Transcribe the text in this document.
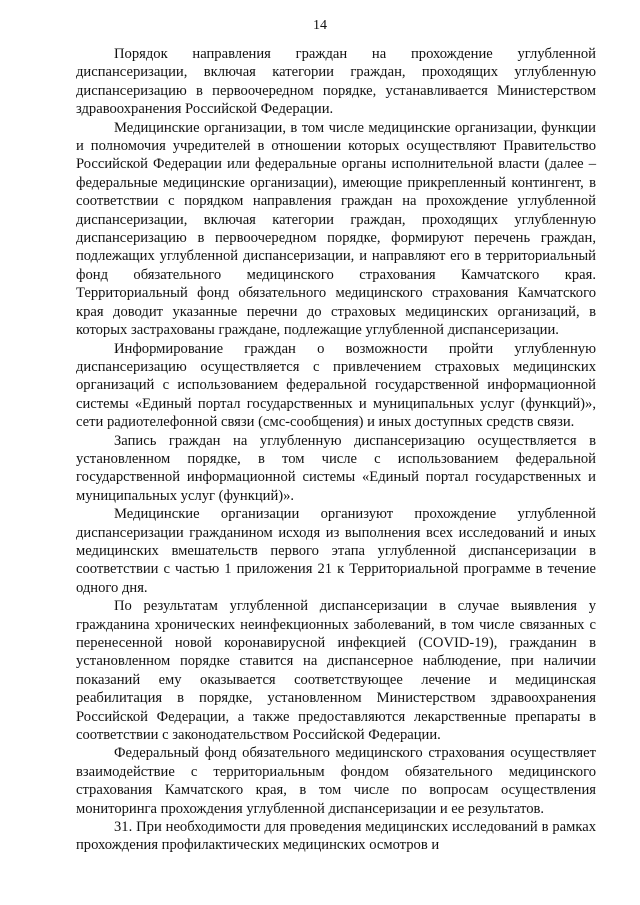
14

Порядок направления граждан на прохождение углубленной диспансеризации, включая категории граждан, проходящих углубленную диспансеризацию в первоочередном порядке, устанавливается Министерством здравоохранения Российской Федерации.

Медицинские организации, в том числе медицинские организации, функции и полномочия учредителей в отношении которых осуществляют Правительство Российской Федерации или федеральные органы исполнительной власти (далее – федеральные медицинские организации), имеющие прикрепленный контингент, в соответствии с порядком направления граждан на прохождение углубленной диспансеризации, включая категории граждан, проходящих углубленную диспансеризацию в первоочередном порядке, формируют перечень граждан, подлежащих углубленной диспансеризации, и направляют его в территориальный фонд обязательного медицинского страхования Камчатского края. Территориальный фонд обязательного медицинского страхования Камчатского края доводит указанные перечни до страховых медицинских организаций, в которых застрахованы граждане, подлежащие углубленной диспансеризации.

Информирование граждан о возможности пройти углубленную диспансеризацию осуществляется с привлечением страховых медицинских организаций с использованием федеральной государственной информационной системы «Единый портал государственных и муниципальных услуг (функций)», сети радиотелефонной связи (смс-сообщения) и иных доступных средств связи.

Запись граждан на углубленную диспансеризацию осуществляется в установленном порядке, в том числе с использованием федеральной государственной информационной системы «Единый портал государственных и муниципальных услуг (функций)».

Медицинские организации организуют прохождение углубленной диспансеризации гражданином исходя из выполнения всех исследований и иных медицинских вмешательств первого этапа углубленной диспансеризации в соответствии с частью 1 приложения 21 к Территориальной программе в течение одного дня.

По результатам углубленной диспансеризации в случае выявления у гражданина хронических неинфекционных заболеваний, в том числе связанных с перенесенной новой коронавирусной инфекцией (COVID-19), гражданин в установленном порядке ставится на диспансерное наблюдение, при наличии показаний ему оказывается соответствующее лечение и медицинская реабилитация в порядке, установленном Министерством здравоохранения Российской Федерации, а также предоставляются лекарственные препараты в соответствии с законодательством Российской Федерации.

Федеральный фонд обязательного медицинского страхования осуществляет взаимодействие с территориальным фондом обязательного медицинского страхования Камчатского края, в том числе по вопросам осуществления мониторинга прохождения углубленной диспансеризации и ее результатов.

31. При необходимости для проведения медицинских исследований в рамках прохождения профилактических медицинских осмотров и
